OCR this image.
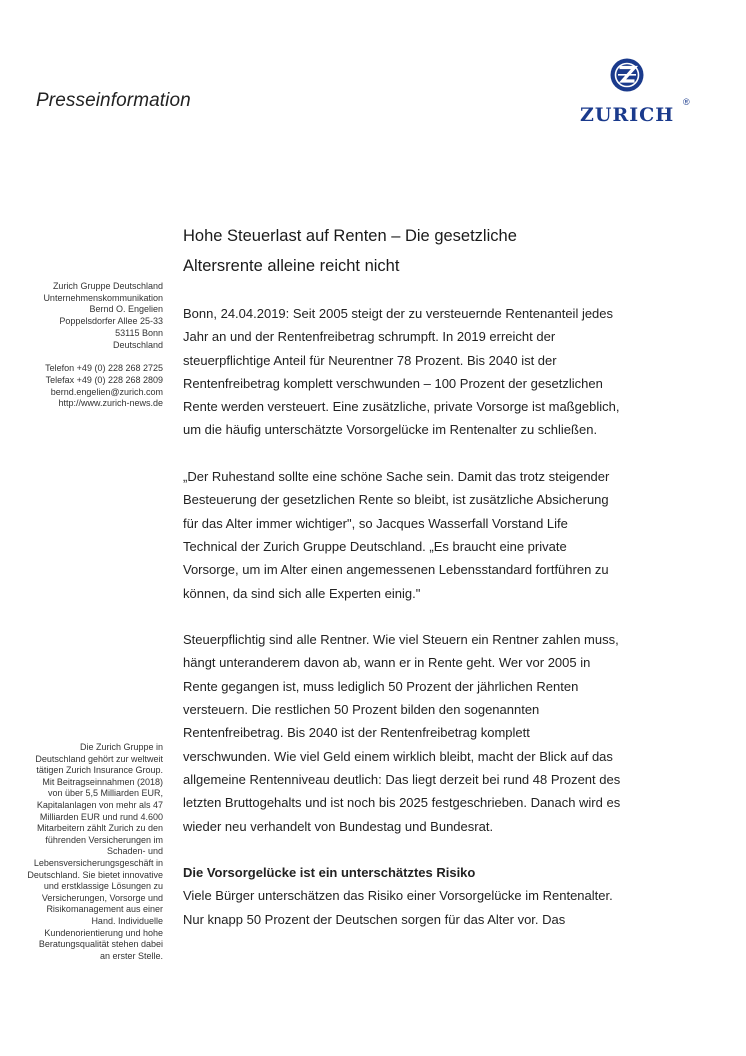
Presseinformation
ZURICH
®
Hohe Steuerlast auf Renten – Die gesetzliche
Altersrente alleine reicht nicht
Zurich Gruppe Deutschland
Unternehmenskommunikation
Bernd O. Engelien
Poppelsdorfer Allee 25-33
53115 Bonn
Deutschland
Telefon +49 (0) 228 268 2725
Telefax +49 (0) 228 268 2809
bernd.engelien@zurich.com
http://www.zurich-news.de
Die Zurich Gruppe in
Deutschland gehört zur weltweit
tätigen Zurich Insurance Group.
Mit Beitragseinnahmen (2018)
von über 5,5 Milliarden EUR,
Kapitalanlagen von mehr als 47
Milliarden EUR und rund 4.600
Mitarbeitern zählt Zurich zu den
führenden Versicherungen im
Schaden- und
Lebensversicherungsgeschäft in
Deutschland. Sie bietet innovative
und erstklassige Lösungen zu
Versicherungen, Vorsorge und
Risikomanagement aus einer
Hand. Individuelle
Kundenorientierung und hohe
Beratungsqualität stehen dabei
an erster Stelle.
Bonn, 24.04.2019: Seit 2005 steigt der zu versteuernde Rentenanteil jedes
Jahr an und der Rentenfreibetrag schrumpft. In 2019 erreicht der
steuerpflichtige Anteil für Neurentner 78 Prozent. Bis 2040 ist der
Rentenfreibetrag komplett verschwunden – 100 Prozent der gesetzlichen
Rente werden versteuert. Eine zusätzliche, private Vorsorge ist maßgeblich,
um die häufig unterschätzte Vorsorgelücke im Rentenalter zu schließen.
„Der Ruhestand sollte eine schöne Sache sein. Damit das trotz steigender
Besteuerung der gesetzlichen Rente so bleibt, ist zusätzliche Absicherung
für das Alter immer wichtiger", so Jacques Wasserfall Vorstand Life
Technical der Zurich Gruppe Deutschland. „Es braucht eine private
Vorsorge, um im Alter einen angemessenen Lebensstandard fortführen zu
können, da sind sich alle Experten einig."
Steuerpflichtig sind alle Rentner. Wie viel Steuern ein Rentner zahlen muss,
hängt unteranderem davon ab, wann er in Rente geht. Wer vor 2005 in
Rente gegangen ist, muss lediglich 50 Prozent der jährlichen Renten
versteuern. Die restlichen 50 Prozent bilden den sogenannten
Rentenfreibetrag. Bis 2040 ist der Rentenfreibetrag komplett
verschwunden. Wie viel Geld einem wirklich bleibt, macht der Blick auf das
allgemeine Rentenniveau deutlich: Das liegt derzeit bei rund 48 Prozent des
letzten Bruttogehalts und ist noch bis 2025 festgeschrieben. Danach wird es
wieder neu verhandelt von Bundestag und Bundesrat.
Die Vorsorgelücke ist ein unterschätztes Risiko
Viele Bürger unterschätzen das Risiko einer Vorsorgelücke im Rentenalter.
Nur knapp 50 Prozent der Deutschen sorgen für das Alter vor. Das
